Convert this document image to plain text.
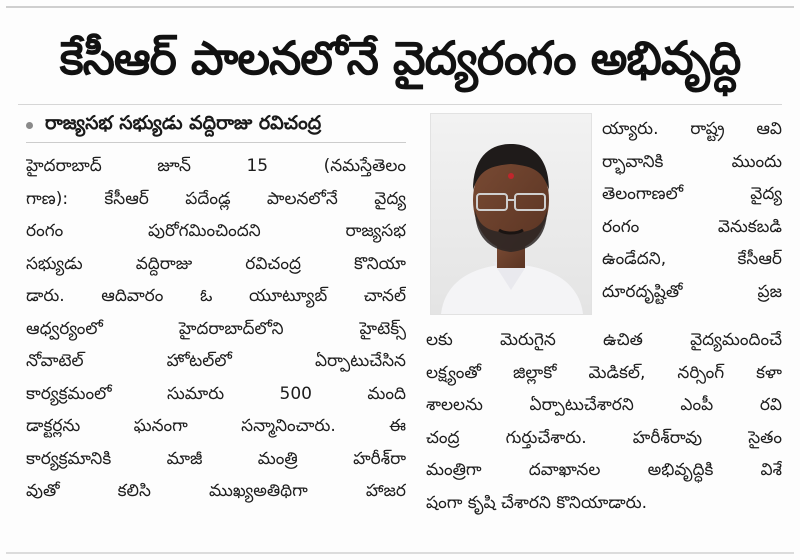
కేసీఆర్ పాలనలోనే వైద్యరంగం అభివృద్ధి
రాజ్యసభ సభ్యుడు వద్దిరాజు రవిచంద్ర
హైదరాబాద్ జూన్ 15 (నమస్తేతెలం
గాణ): కేసీఆర్ పదేండ్ల పాలనలోనే వైద్య
రంగం పురోగమించిందని రాజ్యసభ
సభ్యుడు వద్దిరాజు రవిచంద్ర కొనియా
డారు. ఆదివారం ఓ యూట్యూబ్ చానల్
ఆధ్వర్యంలో హైదరాబాద్‌లోని హైటెక్స్
నోవాటెల్ హోటల్‌లో ఏర్పాటుచేసిన
కార్యక్రమంలో సుమారు 500 మంది
డాక్టర్లను ఘనంగా సన్మానించారు. ఈ
కార్యక్రమానికి మాజీ మంత్రి హరీశ్‌రా
వుతో కలిసి ముఖ్యఅతిథిగా హాజర
య్యారు. రాష్ట్ర ఆవి
ర్భావానికి ముందు
తెలంగాణలో వైద్య
రంగం వెనుకబడి
ఉండేదని, కేసీఆర్
దూరదృష్టితో ప్రజ
లకు మెరుగైన ఉచిత వైద్యమందించే
లక్ష్యంతో జిల్లాకో మెడికల్, నర్సింగ్ కళా
శాలలను ఏర్పాటుచేశారని ఎంపీ రవి
చంద్ర గుర్తుచేశారు. హరీశ్‌రావు సైతం
మంత్రిగా దవాఖానల అభివృద్ధికి విశే
షంగా కృషి చేశారని కొనియాడారు.
